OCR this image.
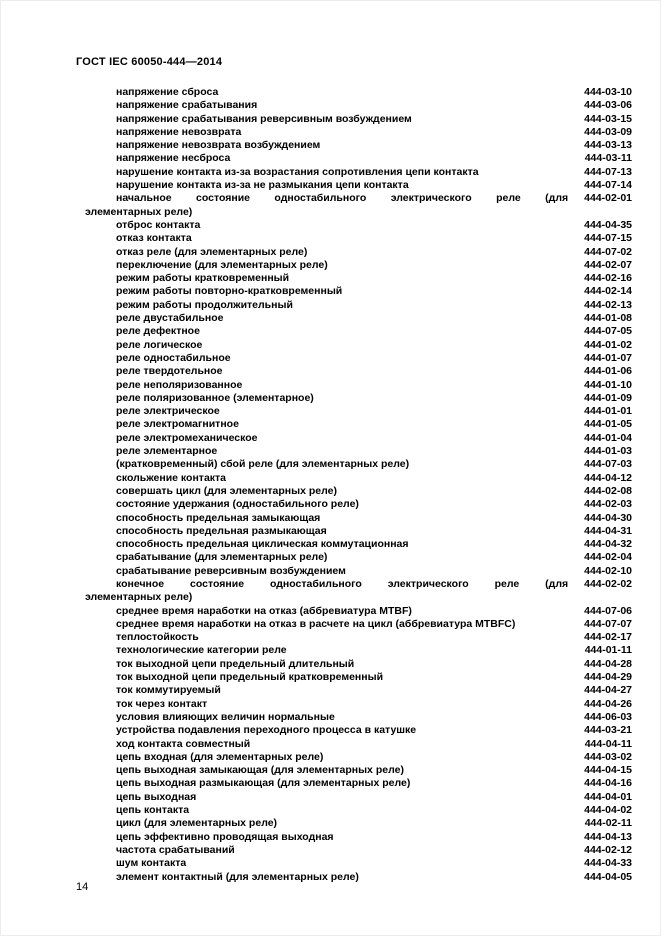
ГОСТ IEC 60050-444—2014
напряжение сброса	444-03-10
напряжение срабатывания	444-03-06
напряжение срабатывания реверсивным возбуждением	444-03-15
напряжение невозврата	444-03-09
напряжение невозврата возбуждением	444-03-13
напряжение несброса	444-03-11
нарушение контакта из-за возрастания сопротивления цепи контакта	444-07-13
нарушение контакта из-за не размыкания цепи контакта	444-07-14
начальное состояние одностабильного электрического реле (для 444-02-01
элементарных реле)
отброс контакта	444-04-35
отказ контакта	444-07-15
отказ реле (для элементарных реле)	444-07-02
переключение (для элементарных реле)	444-02-07
режим работы кратковременный	444-02-16
режим работы повторно-кратковременный	444-02-14
режим работы продолжительный	444-02-13
реле двустабильное	444-01-08
реле дефектное	444-07-05
реле логическое	444-01-02
реле одностабильное	444-01-07
реле твердотельное	444-01-06
реле неполяризованное	444-01-10
реле поляризованное (элементарное)	444-01-09
реле электрическое	444-01-01
реле электромагнитное	444-01-05
реле электромеханическое	444-01-04
реле элементарное	444-01-03
(кратковременный) сбой реле (для элементарных реле)	444-07-03
скольжение контакта	444-04-12
совершать цикл (для элементарных реле)	444-02-08
состояние удержания (одностабильного реле)	444-02-03
способность предельная замыкающая	444-04-30
способность предельная размыкающая	444-04-31
способность предельная циклическая коммутационная	444-04-32
срабатывание (для элементарных реле)	444-02-04
срабатывание реверсивным возбуждением	444-02-10
конечное состояние одностабильного электрического реле (для 444-02-02
элементарных реле)
среднее время наработки на отказ (аббревиатура MTBF)	444-07-06
среднее время наработки на отказ в расчете на цикл (аббревиатура MTBFC)	444-07-07
теплостойкость	444-02-17
технологические категории реле	444-01-11
ток выходной цепи предельный длительный	444-04-28
ток выходной цепи предельный кратковременный	444-04-29
ток коммутируемый	444-04-27
ток через контакт	444-04-26
условия влияющих величин нормальные	444-06-03
устройства подавления переходного процесса в катушке	444-03-21
ход контакта совместный	444-04-11
цепь входная (для элементарных реле)	444-03-02
цепь выходная замыкающая (для элементарных реле)	444-04-15
цепь выходная размыкающая (для элементарных реле)	444-04-16
цепь выходная	444-04-01
цепь контакта	444-04-02
цикл (для элементарных реле)	444-02-11
цепь эффективно проводящая выходная	444-04-13
частота срабатываний	444-02-12
шум контакта	444-04-33
элемент контактный (для элементарных реле)	444-04-05
14
